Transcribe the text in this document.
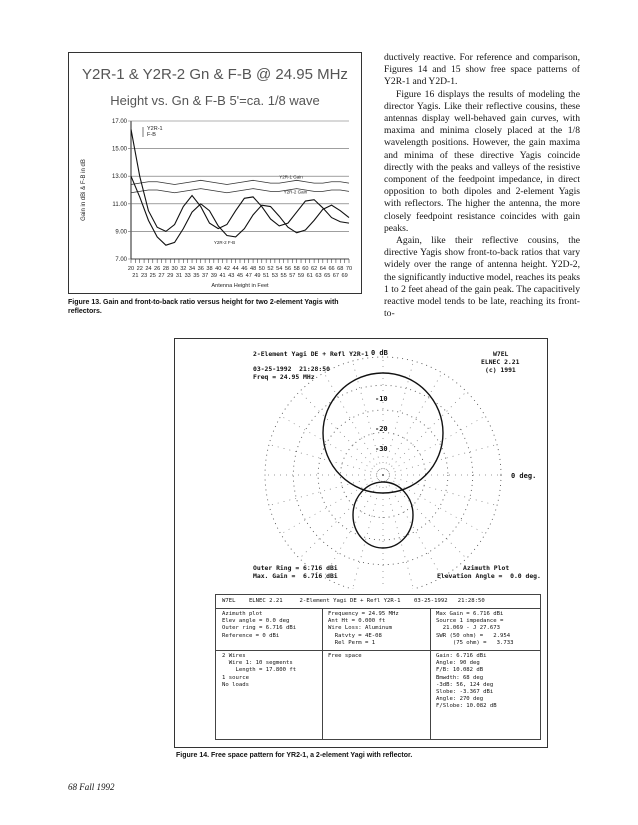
Y2R-1 & Y2R-2 Gn & F-B @ 24.95 MHz
Height vs. Gn & F-B 5'=ca. 1/8 wave
7.00
9.00
11.00
13.00
15.00
17.00
20 22 24 26 28 30 32 34 36 38 40 42 44 46 48 50 52 54 56 58 60 62 64 66 68 70
21 23 25 27 29 31 33 35 37 39 41 43 45 47 49 51 53 55 57 59 61 63 65 67 69
Antenna Height in Feet
Gain in dBi & F-B in dB
Y2R-1
F-B
Y2R-1 Gain
Y2R-2 Gain
Y2R-2 F-B
Figure 13. Gain and front-to-back ratio versus height for two 2-element Yagis with reflectors.

ductively reactive. For reference and comparison, Figures 14 and 15 show free space patterns of Y2R-1 and Y2D-1.

Figure 16 displays the results of modeling the director Yagis. Like their reflective cousins, these antennas display well-behaved gain curves, with maxima and minima closely placed at the 1/8 wavelength positions. However, the gain maxima and minima of these directive Yagis coincide directly with the peaks and valleys of the resistive component of the feedpoint impedance, in direct opposition to both dipoles and 2-element Yagis with reflectors. The higher the antenna, the more closely feedpoint resistance coincides with gain peaks.

Again, like their reflective cousins, the directive Yagis show front-to-back ratios that vary widely over the range of antenna height. Y2D-2, the significantly inductive model, reaches its peaks 1 to 2 feet ahead of the gain peak. The capacitively reactive model tends to be late, reaching its front-to-

2-Element Yagi DE + Refl Y2R-1
03-25-1992  21:28:50
Freq = 24.95 MHz
W7EL
ELNEC 2.21
(c) 1991
0 dB
-10
-20
-30
0 deg.
Outer Ring = 6.716 dBi
Max. Gain =  6.716 dBi
Azimuth Plot
Elevation Angle =  0.0 deg.
W7EL    ELNEC 2.21     2-Element Yagi DE + Refl Y2R-1    03-25-1992   21:28:50
Azimuth plot
Elev angle = 0.0 deg
Outer ring = 6.716 dBi
Reference = 0 dBi
Frequency = 24.95 MHz
Ant Ht = 0.000 ft
Wire Loss: Aluminum
Ratvty = 4E-08
Rel Perm = 1
Max Gain = 6.716 dBi
Source 1 impedance =
21.069 - J 27.673
SWR (50 ohm) =   2.954
(75 ohm) =   3.733
2 Wires
Wire 1: 10 segments
Length = 17.800 ft
1 source
No loads
Free space	Gain: 6.716 dBi
Angle: 90 deg
F/B: 10.082 dB
Bmwdth: 68 deg
-3dB: 56, 124 deg
Slobe: -3.367 dBi
Angle: 270 deg
F/Slobe: 10.082 dB
Figure 14. Free space pattern for YR2-1, a 2-element Yagi with reflector.
68 Fall 1992
